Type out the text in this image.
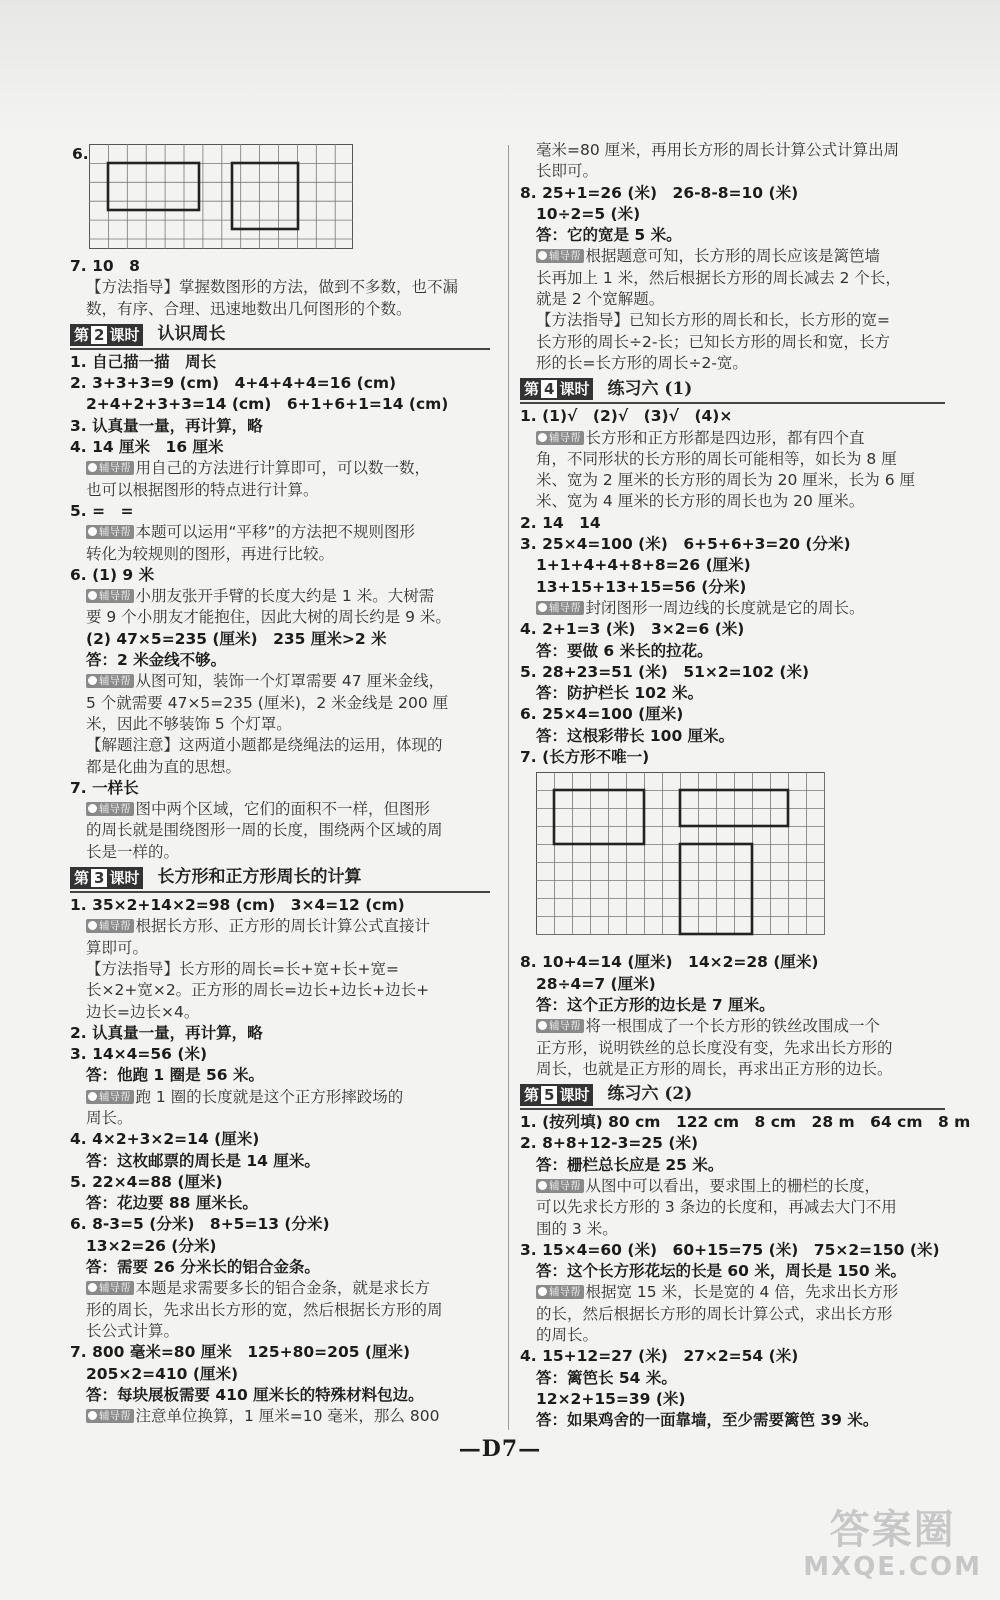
6.
7. 10　8
【方法指导】掌握数图形的方法，做到不多数，也不漏
数，有序、合理、迅速地数出几何图形的个数。
第 2 课时 认识周长
1. 自己描一描　周长
2. 3+3+3=9 (cm)　4+4+4+4=16 (cm)
2+4+2+3+3=14 (cm)　6+1+6+1=14 (cm)
3. 认真量一量，再计算，略
4. 14 厘米　16 厘米
辅导帮 用自己的方法进行计算即可，可以数一数，
也可以根据图形的特点进行计算。
5. =　=
辅导帮 本题可以运用“平移”的方法把不规则图形
转化为较规则的图形，再进行比较。
6. (1) 9 米
辅导帮 小朋友张开手臂的长度大约是 1 米。大树需
要 9 个小朋友才能抱住，因此大树的周长约是 9 米。
(2) 47×5=235 (厘米)　235 厘米>2 米
答：2 米金线不够。
辅导帮 从图可知，装饰一个灯罩需要 47 厘米金线，
5 个就需要 47×5=235 (厘米)，2 米金线是 200 厘
米，因此不够装饰 5 个灯罩。
【解题注意】这两道小题都是绕绳法的运用，体现的
都是化曲为直的思想。
7. 一样长
辅导帮 图中两个区域，它们的面积不一样，但图形
的周长就是围绕图形一周的长度，围绕两个区域的周
长是一样的。
第 3 课时 长方形和正方形周长的计算
1. 35×2+14×2=98 (cm)　3×4=12 (cm)
辅导帮 根据长方形、正方形的周长计算公式直接计
算即可。
【方法指导】长方形的周长=长+宽+长+宽=
长×2+宽×2。正方形的周长=边长+边长+边长+
边长=边长×4。
2. 认真量一量，再计算，略
3. 14×4=56 (米)
答：他跑 1 圈是 56 米。
辅导帮 跑 1 圈的长度就是这个正方形摔跤场的
周长。
4. 4×2+3×2=14 (厘米)
答：这枚邮票的周长是 14 厘米。
5. 22×4=88 (厘米)
答：花边要 88 厘米长。
6. 8-3=5 (分米)　8+5=13 (分米)
13×2=26 (分米)
答：需要 26 分米长的铝合金条。
辅导帮 本题是求需要多长的铝合金条，就是求长方
形的周长，先求出长方形的宽，然后根据长方形的周
长公式计算。
7. 800 毫米=80 厘米　125+80=205 (厘米)
205×2=410 (厘米)
答：每块展板需要 410 厘米长的特殊材料包边。
辅导帮 注意单位换算，1 厘米=10 毫米，那么 800
毫米=80 厘米，再用长方形的周长计算公式计算出周
长即可。
8. 25+1=26 (米)　26-8-8=10 (米)
10÷2=5 (米)
答：它的宽是 5 米。
辅导帮 根据题意可知，长方形的周长应该是篱笆墙
长再加上 1 米，然后根据长方形的周长减去 2 个长，
就是 2 个宽解题。
【方法指导】已知长方形的周长和长，长方形的宽=
长方形的周长÷2-长；已知长方形的周长和宽，长方
形的长=长方形的周长÷2-宽。
第 4 课时 练习六 (1)
1. (1)√　(2)√　(3)√　(4)×
辅导帮 长方形和正方形都是四边形，都有四个直
角，不同形状的长方形的周长可能相等，如长为 8 厘
米、宽为 2 厘米的长方形的周长为 20 厘米，长为 6 厘
米、宽为 4 厘米的长方形的周长也为 20 厘米。
2. 14　14
3. 25×4=100 (米)　6+5+6+3=20 (分米)
1+1+4+4+8+8=26 (厘米)
13+15+13+15=56 (分米)
辅导帮 封闭图形一周边线的长度就是它的周长。
4. 2+1=3 (米)　3×2=6 (米)
答：要做 6 米长的拉花。
5. 28+23=51 (米)　51×2=102 (米)
答：防护栏长 102 米。
6. 25×4=100 (厘米)
答：这根彩带长 100 厘米。
7. (长方形不唯一)
8. 10+4=14 (厘米)　14×2=28 (厘米)
28÷4=7 (厘米)
答：这个正方形的边长是 7 厘米。
辅导帮 将一根围成了一个长方形的铁丝改围成一个
正方形，说明铁丝的总长度没有变，先求出长方形的
周长，也就是正方形的周长，再求出正方形的边长。
第 5 课时 练习六 (2)
1. (按列填) 80 cm　122 cm　8 cm　28 m　64 cm　8 m
2. 8+8+12-3=25 (米)
答：栅栏总长应是 25 米。
辅导帮 从图中可以看出，要求围上的栅栏的长度，
可以先求长方形的 3 条边的长度和，再减去大门不用
围的 3 米。
3. 15×4=60 (米)　60+15=75 (米)　75×2=150 (米)
答：这个长方形花坛的长是 60 米，周长是 150 米。
辅导帮 根据宽 15 米，长是宽的 4 倍，先求出长方形
的长，然后根据长方形的周长计算公式，求出长方形
的周长。
4. 15+12=27 (米)　27×2=54 (米)
答：篱笆长 54 米。
12×2+15=39 (米)
答：如果鸡舍的一面靠墙，至少需要篱笆 39 米。
—D7—
答案圈
MXQE.COM
